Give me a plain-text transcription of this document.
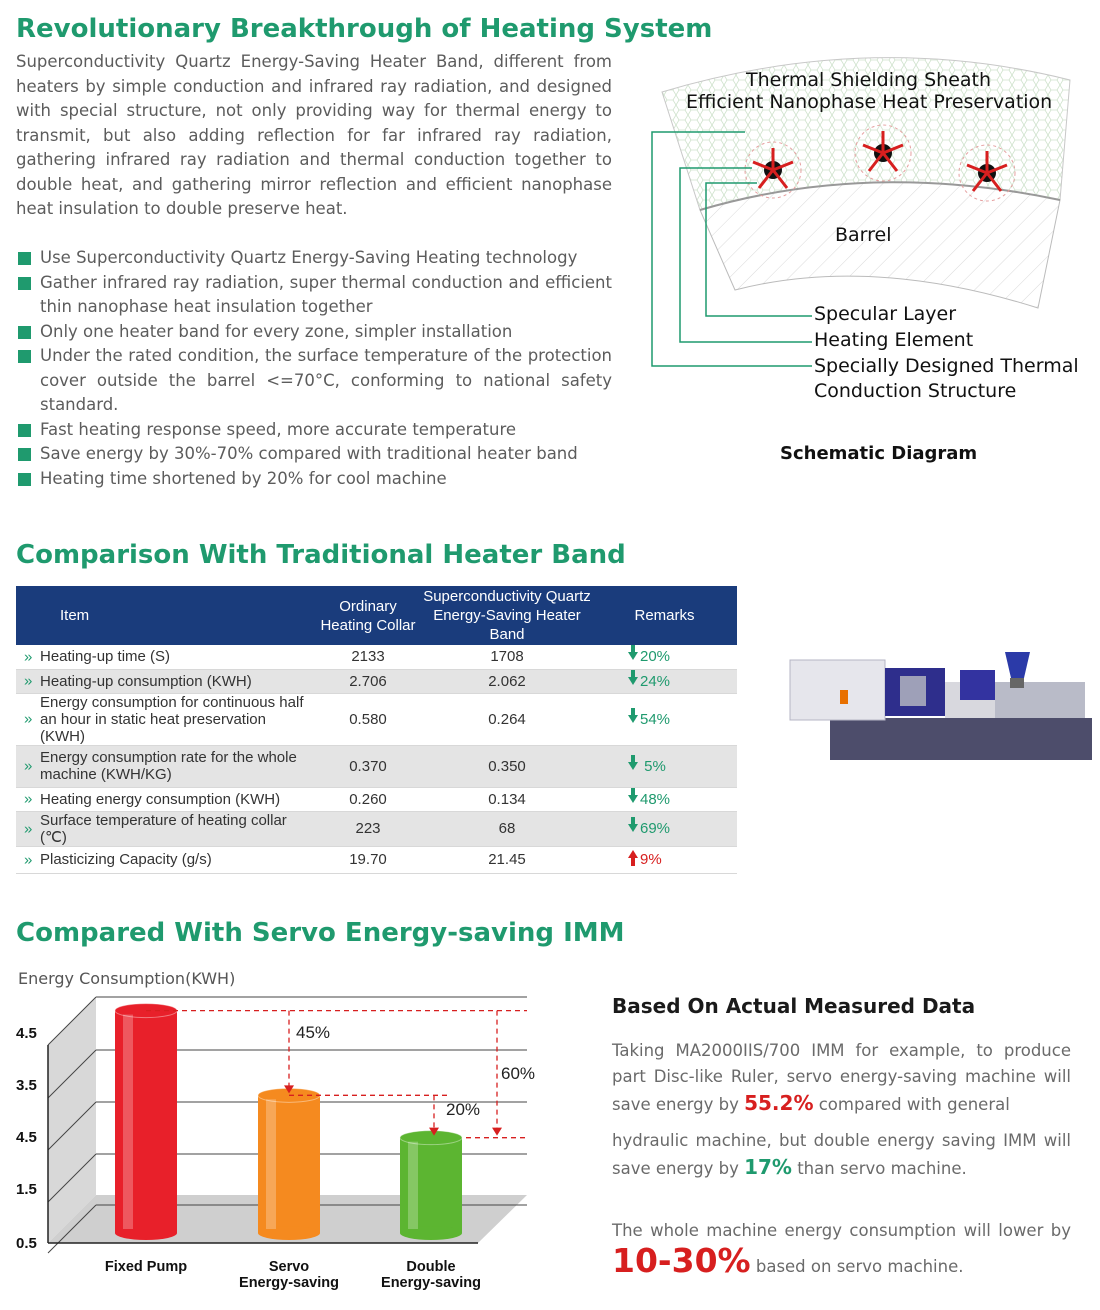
Revolutionary Breakthrough of Heating System

Superconductivity Quartz Energy-Saving Heater Band, different from heaters by simple conduction and infrared ray radiation, and designed with special structure, not only providing way for thermal energy to transmit, but also adding reflection for far infrared ray radiation, gathering infrared ray radiation and thermal conduction together to double heat, and gathering mirror reflection and efficient nanophase heat insulation to double preserve heat.

Use Superconductivity Quartz Energy-Saving Heating technology
Gather infrared ray radiation, super thermal conduction and efficient thin nanophase heat insulation together
Only one heater band for every zone, simpler installation
Under the rated condition, the surface temperature of the protection cover outside the barrel <=70°C, conforming to national safety standard.
Fast heating response speed, more accurate temperature
Save energy by 30%-70% compared with traditional heater band
Heating time shortened by 20% for cool machine
Thermal Shielding Sheath
Efficient Nanophase Heat Preservation
Barrel
Specular Layer
Heating Element
Specially Designed Thermal
Conduction Structure
Schematic Diagram
Comparison With Traditional Heater Band
Item	Ordinary Heating Collar	Superconductivity Quartz Energy-Saving Heater Band	Remarks

» Heating-up time (S)	2133	1708	20%

» Heating-up consumption (KWH)	2.706	2.062	24%

»
Energy consumption for continuous half an hour in static heat preservation (KWH)	0.580	0.264	54%

» Energy consumption rate for the whole machine (KWH/KG)	0.370	0.350	5%

» Heating energy consumption (KWH)	0.260	0.134	48%

» Surface temperature of heating collar (℃)	223	68	69%

» Plasticizing Capacity (g/s)	19.70	21.45	9%
Compared With Servo Energy-saving IMM
Energy Consumption(KWH)
4.5
3.5
4.5
1.5
0.5
Fixed Pump	Servo
Energy-saving
Double
Energy-saving
45%
20%
60%
Based On Actual Measured Data

Taking MA2000IIS/700 IMM for example, to produce part Disc-like Ruler, servo energy-saving machine will save energy by 55.2% compared with general

hydraulic machine, but double energy saving IMM will save energy by 17% than servo machine.

The whole machine energy consumption will lower by 10-30% based on servo machine.
